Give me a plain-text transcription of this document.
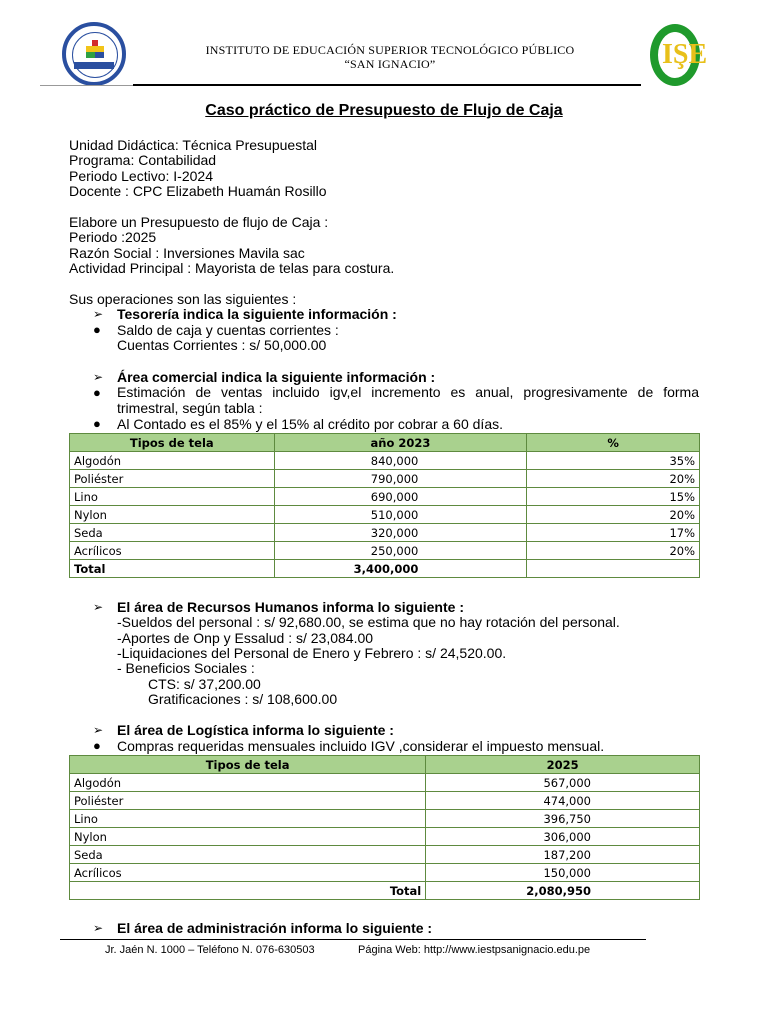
INSTITUTO DE EDUCACIÓN SUPERIOR TECNOLÓGICO PÚBLICO
“SAN IGNACIO”	IŞE
Caso práctico de Presupuesto de Flujo de Caja
Unidad Didáctica: Técnica Presupuestal
Programa: Contabilidad
Periodo Lectivo: I-2024
Docente : CPC Elizabeth Huamán Rosillo
Elabore un Presupuesto de flujo de Caja :
Periodo :2025
Razón Social : Inversiones Mavila sac
Actividad Principal : Mayorista de telas para costura.
Sus operaciones son las siguientes :
➢ Tesorería indica la siguiente información :
● Saldo de caja y cuentas corrientes :
Cuentas Corrientes : s/ 50,000.00
➢ Área comercial indica la siguiente información :
● Estimación de ventas incluido igv,el incremento es anual, progresivamente de forma
trimestral, según tabla :
● Al Contado es el 85% y el 15% al crédito por cobrar a 60 días.
Tipos de tela	año 2023	%
Algodón	840,000	35%
Poliéster	790,000	20%
Lino	690,000	15%
Nylon	510,000	20%
Seda	320,000	17%
Acrílicos	250,000	20%
Total	3,400,000	
➢ El área de Recursos Humanos informa lo siguiente :
-Sueldos del personal : s/ 92,680.00, se estima que no hay rotación del personal.
-Aportes de Onp y Essalud : s/ 23,084.00
-Liquidaciones del Personal de Enero y Febrero : s/ 24,520.00.
- Beneficios Sociales :
CTS: s/ 37,200.00
Gratificaciones : s/ 108,600.00
➢ El área de Logística informa lo siguiente :
● Compras requeridas mensuales incluido IGV ,considerar el impuesto mensual.
Tipos de tela	2025
Algodón	567,000
Poliéster	474,000
Lino	396,750
Nylon	306,000
Seda	187,200
Acrílicos	150,000
Total	2,080,950
➢ El área de administración informa lo siguiente :
Jr. Jaén N. 1000 – Teléfono N. 076-630503	Página Web: http://www.iestpsanignacio.edu.pe
